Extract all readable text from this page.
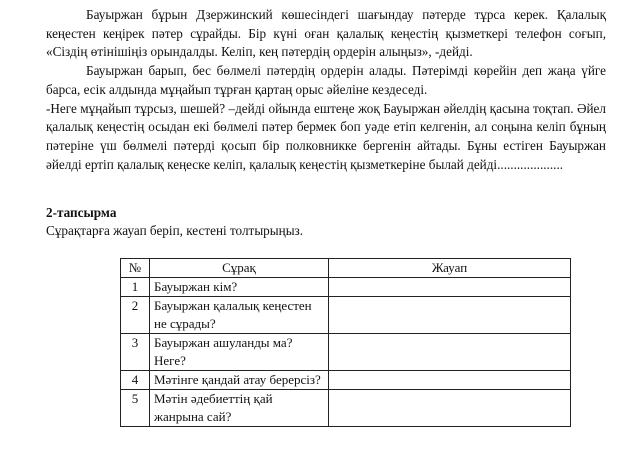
Бауыржан бұрын Дзержинский көшесіндегі шағындау пәтерде тұрса керек. Қалалық кеңестен кеңірек пәтер сұрайды. Бір күні оған қалалық кеңестің қызметкері телефон соғып, «Сіздің өтінішіңіз орындалды. Келіп, кең пәтердің ордерін алыңыз», -дейді.

Бауыржан барып, бес бөлмелі пәтердің ордерін алады. Пәтерімді көрейін деп жаңа үйге барса, есік алдында мұңайып тұрған қартаң орыс әйеліне кездеседі.

-Неге мұңайып тұрсыз, шешей? –дейді ойында ештеңе жоқ Бауыржан әйелдің қасына тоқтап. Әйел қалалық кеңестің осыдан екі бөлмелі пәтер бермек боп уәде етіп келгенін, ал соңына келіп бұның пәтеріне үш бөлмелі пәтерді қосып бір полковникке бергенін айтады. Бұны естіген Бауыржан әйелді ертіп қалалық кеңеске келіп, қалалық кеңестің қызметкеріне былай дейді....................

2-тапсырма
Сұрақтарға жауап беріп, кестені толтырыңыз.
№	Сұрақ	Жауап
1	Бауыржан кім?	
2	Бауыржан қалалық кеңестен не сұрады?	
3	Бауыржан ашуланды ма? Неге?	
4	Мәтінге қандай атау берерсіз?	
5	Мәтін әдебиеттің қай жанрына сай?	
